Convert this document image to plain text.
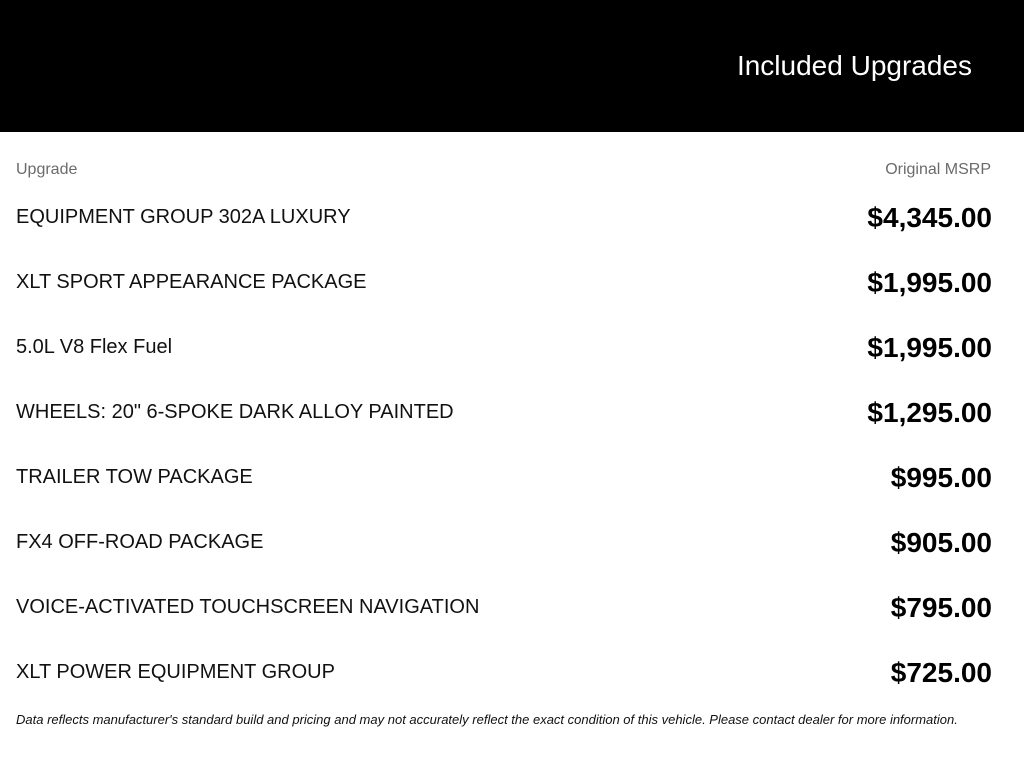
Included Upgrades
Upgrade	Original MSRP
EQUIPMENT GROUP 302A LUXURY	$4,345.00
XLT SPORT APPEARANCE PACKAGE	$1,995.00
5.0L V8 Flex Fuel	$1,995.00
WHEELS: 20" 6-SPOKE DARK ALLOY PAINTED	$1,295.00
TRAILER TOW PACKAGE	$995.00
FX4 OFF-ROAD PACKAGE	$905.00
VOICE-ACTIVATED TOUCHSCREEN NAVIGATION	$795.00
XLT POWER EQUIPMENT GROUP	$725.00
Data reflects manufacturer's standard build and pricing and may not accurately reflect the exact condition of this vehicle. Please contact dealer for more information.
